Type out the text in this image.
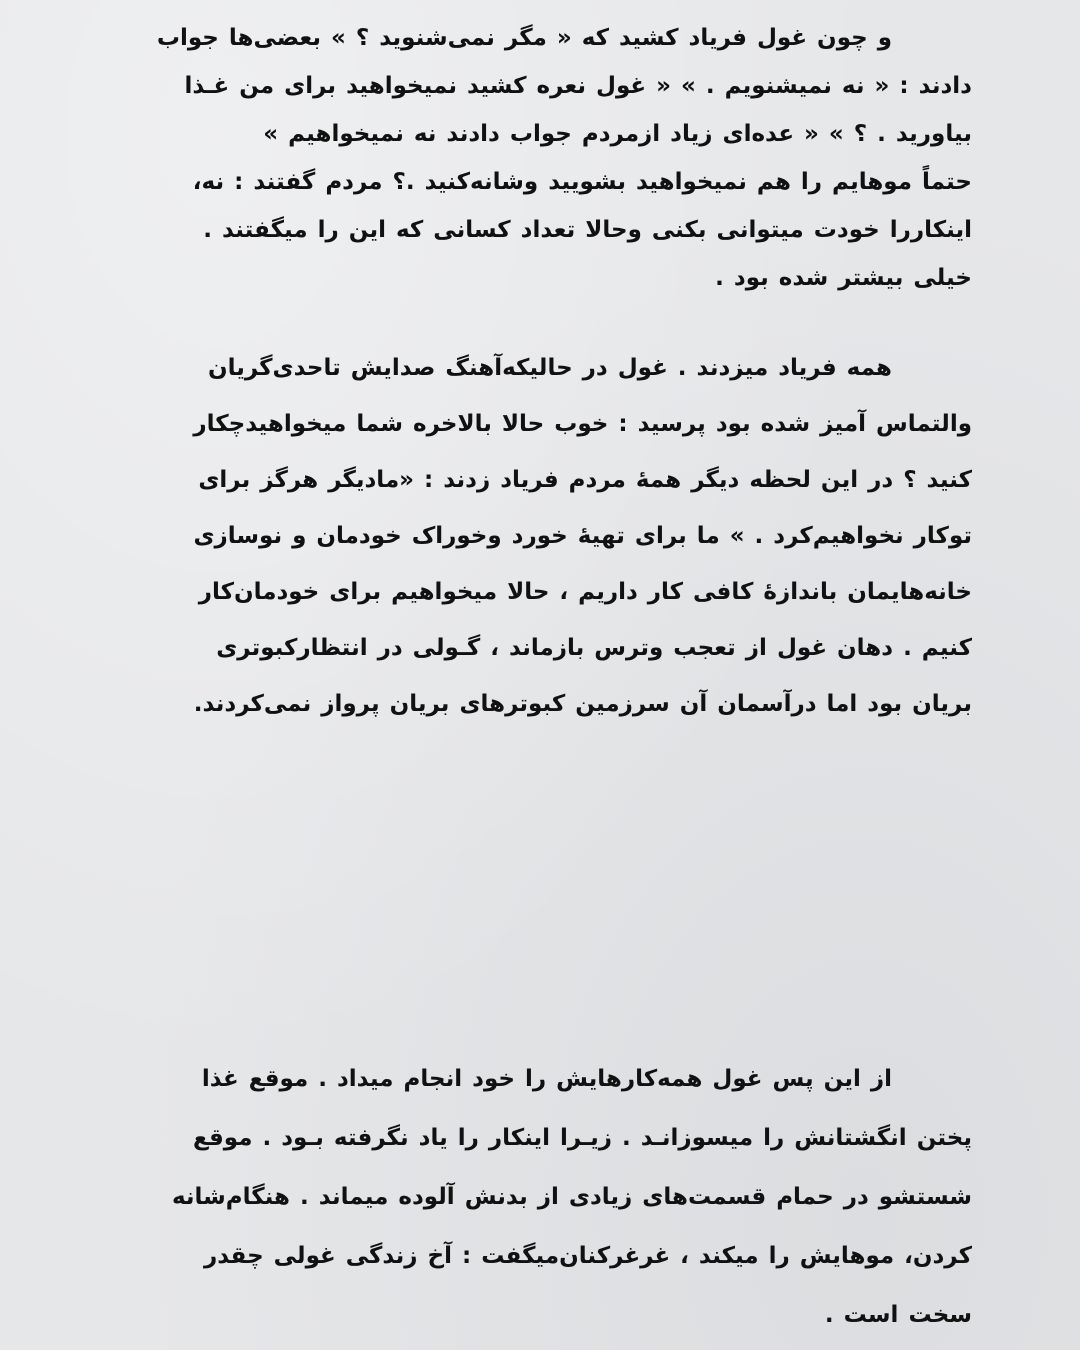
و چون غول فریاد کشید که « مگر نمی‌شنوید ؟ » بعضی‌ها جواب
دادند : « نه نمیشنویم . » « غول نعره کشید نمیخواهید برای من غـذا
بیاورید . ؟ » « عده‌ای زیاد ازمردم جواب دادند نه نمیخواهیم »
حتماً موهایم را هم نمیخواهید بشویید وشانه‌کنید .؟ مردم گفتند : نه،
اینکاررا خودت میتوانی بکنی وحالا تعداد کسانی که این را میگفتند .
خیلی بیشتر شده بود .
همه فریاد میزدند . غول در حالیکه‌آهنگ صدایش تاحدی‌گریان
والتماس آمیز شده بود پرسید : خوب حالا بالاخره شما میخواهیدچکار
کنید ؟ در این لحظه دیگر همهٔ مردم فریاد زدند : «مادیگر هرگز برای
توکار نخواهیم‌کرد . » ما برای تهیهٔ خورد وخوراک خودمان و نوسازی
خانه‌هایمان باندازهٔ کافی کار داریم ، حالا میخواهیم برای خودمان‌کار
کنیم . دهان غول از تعجب وترس بازماند ، گـولی در انتظارکبوتری
بریان بود اما درآسمان آن سرزمین کبوترهای بریان پرواز نمی‌کردند.
از این پس غول همه‌کارهایش را خود انجام میداد . موقع غذا
پختن انگشتانش را میسوزانـد . زیـرا اینکار را یاد نگرفته بـود . موقع
شستشو در حمام قسمت‌های زیادی از بدنش آلوده میماند . هنگام‌شانه
کردن، موهایش را میکند ، غرغرکنان‌میگفت : آخ زندگی غولی چقدر
سخت است .
